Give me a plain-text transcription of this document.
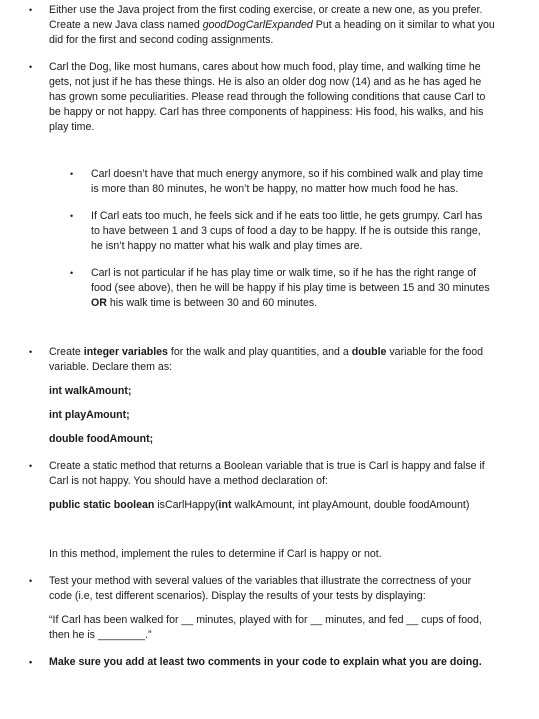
• Either use the Java project from the first coding exercise, or create a new one, as you prefer. Create a new Java class named goodDogCarlExpanded Put a heading on it similar to what you did for the first and second coding assignments.
• Carl the Dog, like most humans, cares about how much food, play time, and walking time he gets, not just if he has these things. He is also an older dog now (14) and as he has aged he has grown some peculiarities. Please read through the following conditions that cause Carl to be happy or not happy. Carl has three components of happiness: His food, his walks, and his play time.
• Carl doesn’t have that much energy anymore, so if his combined walk and play time is more than 80 minutes, he won’t be happy, no matter how much food he has.
• If Carl eats too much, he feels sick and if he eats too little, he gets grumpy. Carl has to have between 1 and 3 cups of food a day to be happy. If he is outside this range, he isn’t happy no matter what his walk and play times are.
• Carl is not particular if he has play time or walk time, so if he has the right range of food (see above), then he will be happy if his play time is between 15 and 30 minutes OR his walk time is between 30 and 60 minutes.
• Create integer variables for the walk and play quantities, and a double variable for the food variable. Declare them as:
int walkAmount;
int playAmount;
double foodAmount;
• Create a static method that returns a Boolean variable that is true is Carl is happy and false if Carl is not happy. You should have a method declaration of:
public static boolean isCarlHappy(int walkAmount, int playAmount, double foodAmount)
In this method, implement the rules to determine if Carl is happy or not.
• Test your method with several values of the variables that illustrate the correctness of your code (i.e, test different scenarios). Display the results of your tests by displaying:
“If Carl has been walked for __ minutes, played with for __ minutes, and fed __ cups of food, then he is ________.”
• Make sure you add at least two comments in your code to explain what you are doing.
